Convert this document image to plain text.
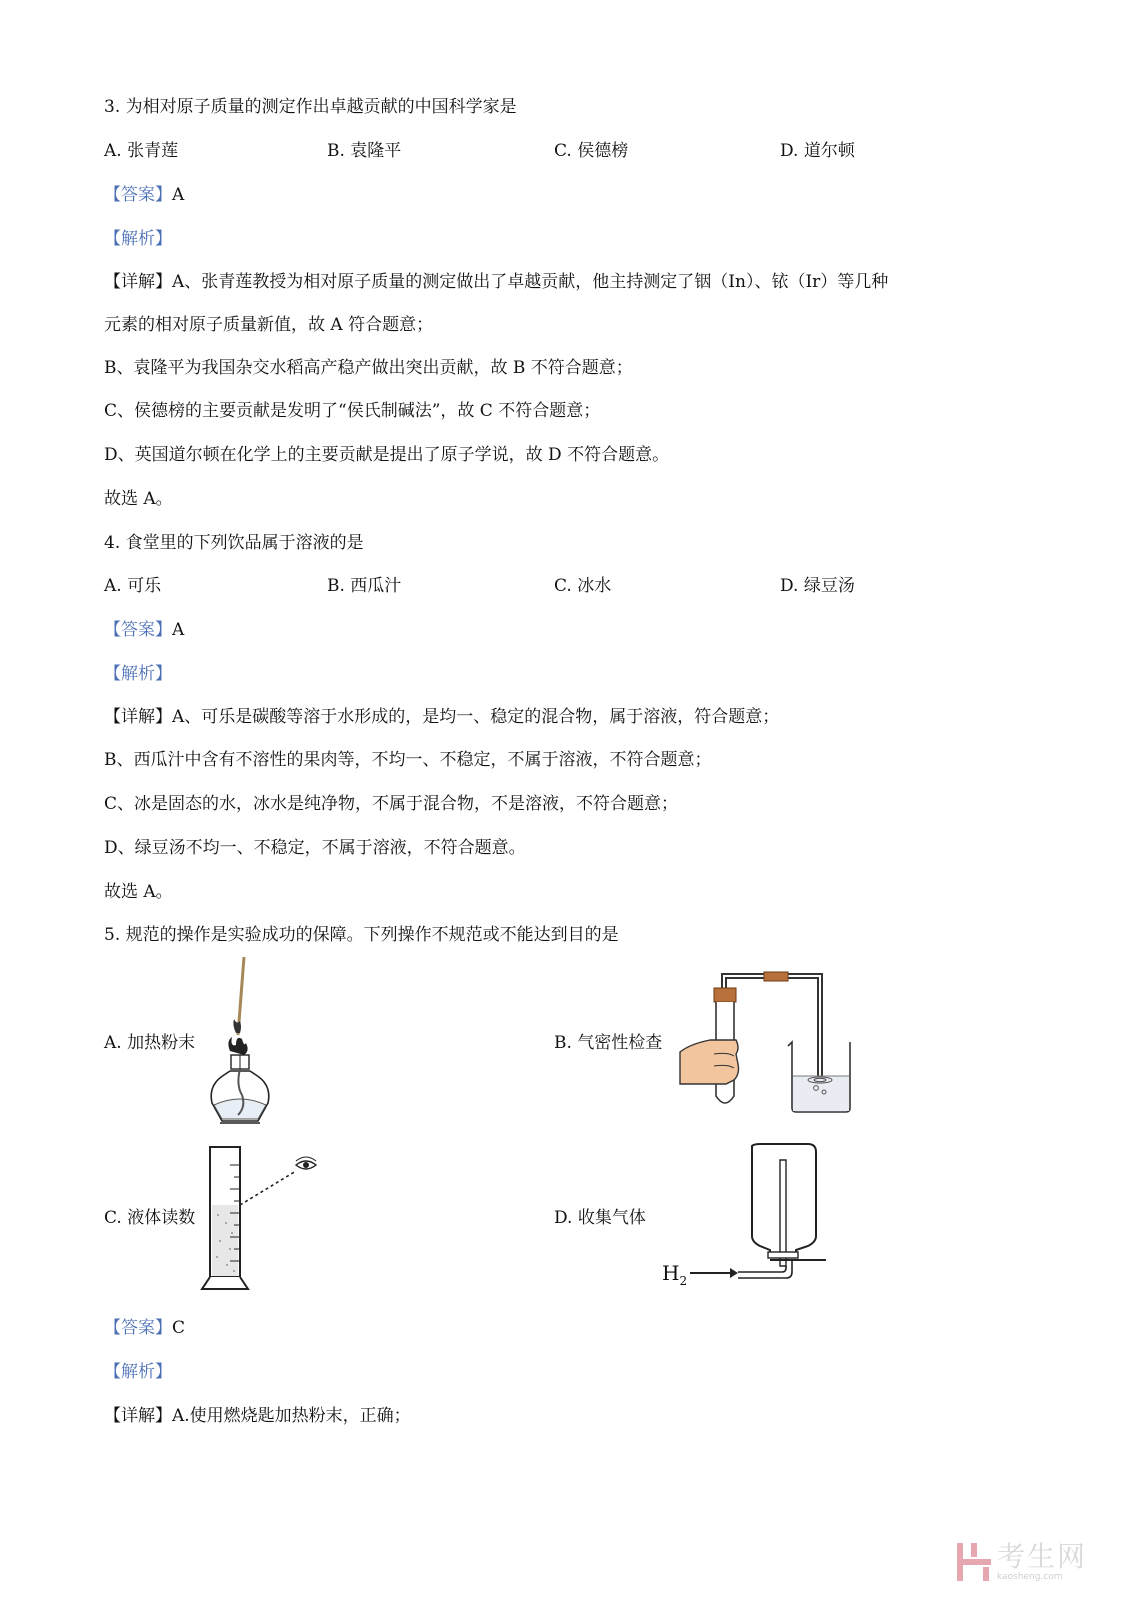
3. 为相对原子质量的测定作出卓越贡献的中国科学家是
A. 张青莲	B. 袁隆平	C. 侯德榜	D. 道尔顿
【答案】A
【解析】
【详解】A、张青莲教授为相对原子质量的测定做出了卓越贡献，他主持测定了铟（In）、铱（Ir）等几种
元素的相对原子质量新值，故 A 符合题意；
B、袁隆平为我国杂交水稻高产稳产做出突出贡献，故 B 不符合题意；
C、侯德榜的主要贡献是发明了“侯氏制碱法”，故 C 不符合题意；
D、英国道尔顿在化学上的主要贡献是提出了原子学说，故 D 不符合题意。
故选 A。
4. 食堂里的下列饮品属于溶液的是
A. 可乐	B. 西瓜汁	C. 冰水	D. 绿豆汤
【答案】A
【解析】
【详解】A、可乐是碳酸等溶于水形成的，是均一、稳定的混合物，属于溶液，符合题意；
B、西瓜汁中含有不溶性的果肉等，不均一、不稳定，不属于溶液，不符合题意；
C、冰是固态的水，冰水是纯净物，不属于混合物，不是溶液，不符合题意；
D、绿豆汤不均一、不稳定，不属于溶液，不符合题意。
故选 A。
5. 规范的操作是实验成功的保障。下列操作不规范或不能达到目的是
A. 加热粉末	B. 气密性检查
C. 液体读数	D. 收集气体
$H_2$
【答案】C
【解析】
【详解】A.使用燃烧匙加热粉末，正确；
考生网
kaosheng.com
